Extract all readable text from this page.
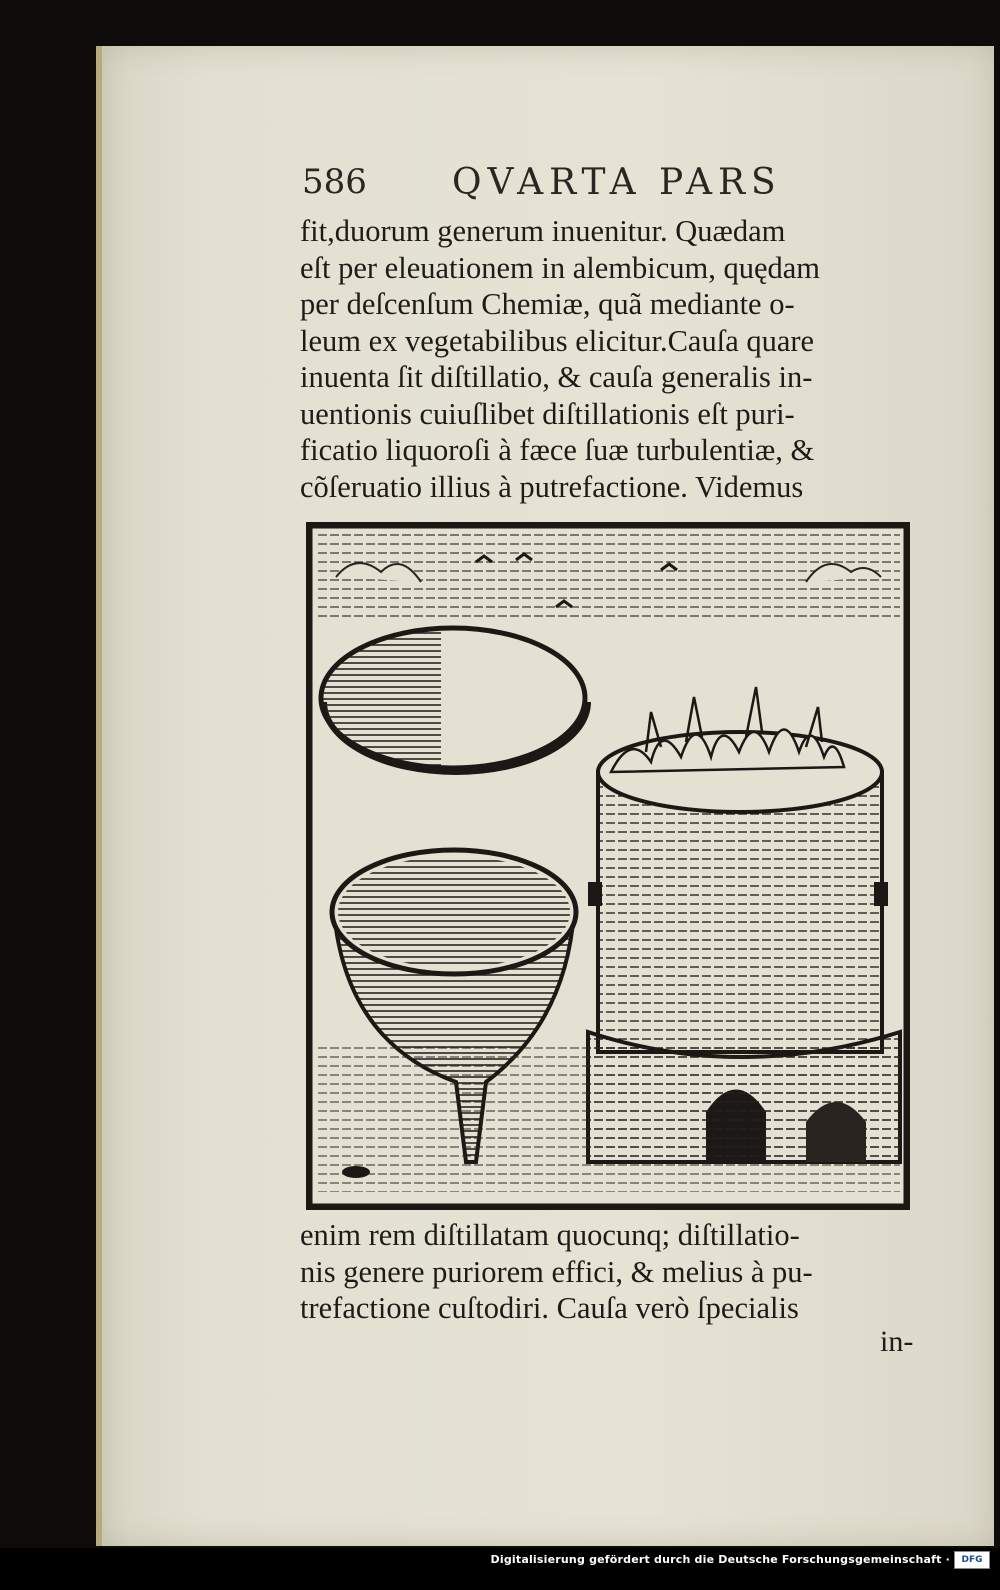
586 QVARTA PARS
fit,duorum generum inuenitur. Quædam
eſt per eleuationem in alembicum, quędam
per deſcenſum Chemiæ, quã mediante o-
leum ex vegetabilibus elicitur.Cauſa quare
inuenta ſit diſtillatio, & cauſa generalis in-
uentionis cuiuſlibet diſtillationis eſt puri-
ficatio liquoroſi à fæce ſuæ turbulentiæ, &
cõſeruatio illius à putrefactione. Videmus
enim rem diſtillatam quocunq; diſtillatio-
nis genere puriorem effici, & melius à pu-
trefactione cuſtodiri. Cauſa verò ſpecialis
in-
Digitalisierung gefördert durch die Deutsche Forschungsgemeinschaft ·	DFG
